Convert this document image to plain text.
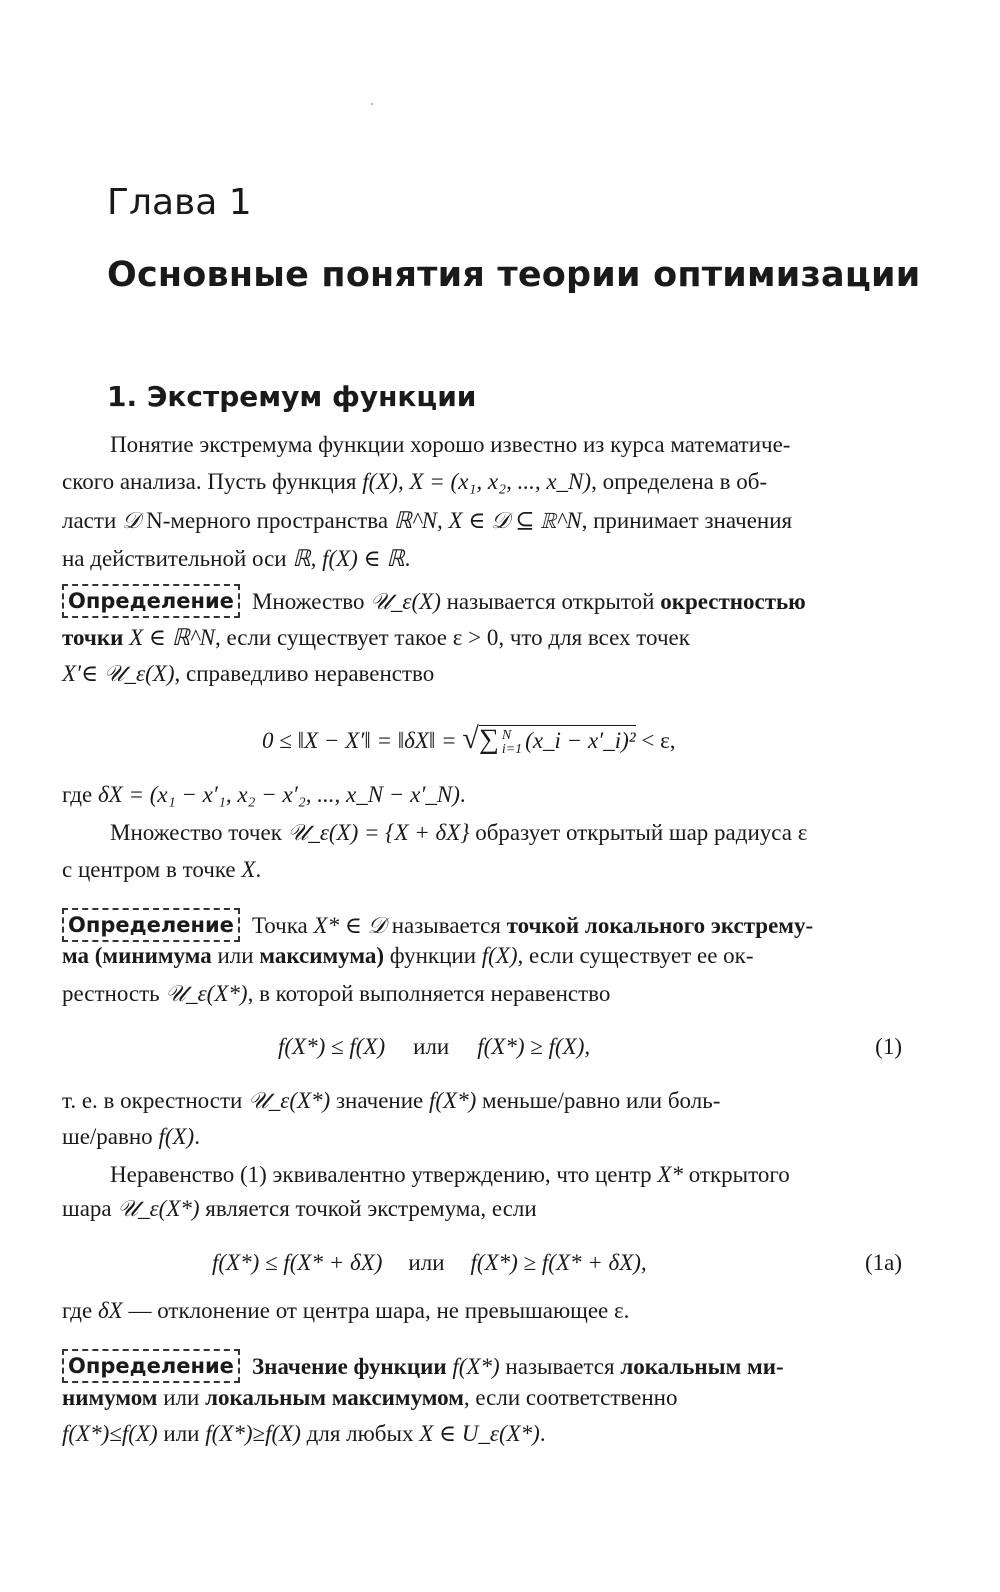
Глава 1
Основные понятия теории оптимизации
1. Экстремум функции
Понятие экстремума функции хорошо известно из курса математиче-
ского анализа. Пусть функция f(X), X = (x₁, x₂, ..., x_N), определена в об-
ласти 𝒟 N-мерного пространства ℝ^N, X ∈ 𝒟 ⊆ ℝ^N, принимает значения
на действительной оси ℝ, f(X) ∈ ℝ.
Определение Множество 𝒰_ε(X) называется открытой окрестностью
точки X ∈ ℝ^N, если существует такое ε > 0, что для всех точек
X′∈ 𝒰_ε(X), справедливо неравенство
0 ≤ ‖X − X′‖ = ‖δX‖ = √∑ N
i=1 (x_i − x′_i)² < ε,
где δX = (x₁ − x′₁, x₂ − x′₂, ..., x_N − x′_N).
Множество точек 𝒰_ε(X) = {X + δX} образует открытый шар радиуса ε
с центром в точке X.
Определение Точка X* ∈ 𝒟 называется точкой локального экстрему-
ма (минимума или максимума) функции f(X), если существует ее ок-
рестность 𝒰_ε(X*), в которой выполняется неравенство
f(X*) ≤ f(X) или f(X*) ≥ f(X),	(1)
т. е. в окрестности 𝒰_ε(X*) значение f(X*) меньше/равно или боль-
ше/равно f(X).
Неравенство (1) эквивалентно утверждению, что центр X* открытого
шара 𝒰_ε(X*) является точкой экстремума, если
f(X*) ≤ f(X* + δX) или f(X*) ≥ f(X* + δX),	(1a)
где δX — отклонение от центра шара, не превышающее ε.
Определение Значение функции f(X*) называется локальным ми-
нимумом или локальным максимумом, если соответственно
f(X*)≤f(X) или f(X*)≥f(X) для любых X ∈ U_ε(X*).
